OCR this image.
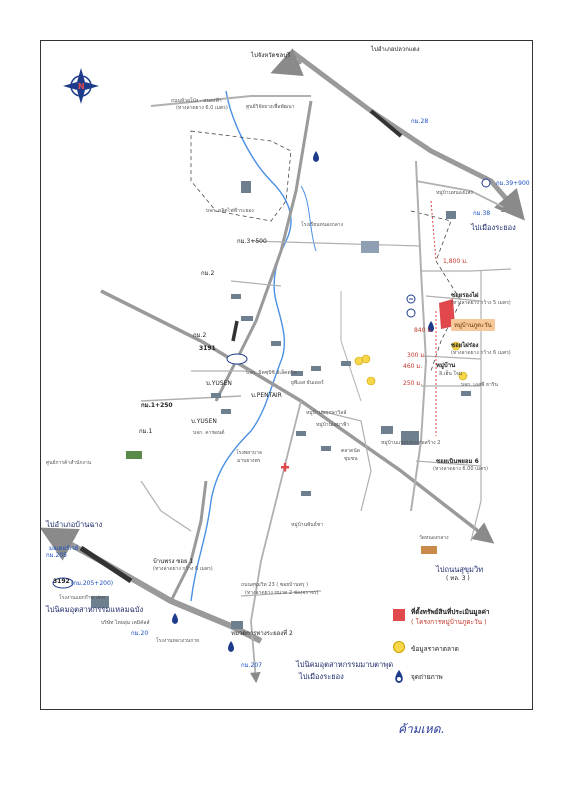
N
ไปจังหวัดชลบุรี
ไปอำเภอปลวกแดง
ถนนห้วยโป่ง - หนองฟ้า
(ทางลาดยาง 6.0 เมตร)	ศูนย์วิจัยยางเพื่อพัฒนา
กม.28
กม.39+900
กม.38
ไปเมืองระยอง
บจก. ผลิตไฟฟ้าระยอง
โรงเรียนหนองกลาง
หมู่บ้านหนองแสง
กม.3+500
1,800 ม.
ซอยรองไผ่
(ทางลาดยาง กว้าง 5 เมตร)
หมู่บ้านภูตะวัน
840 ม.
ซอยไผ่ร่อง
(ทางลาดยาง กว้าง 6 เมตร)
300 ม.
460 ม.
250 ม.
หมู่บ้าน
ลิ.เฮ็น ใจน
บจก. เอสพี ธาริน
หมู่บ้านแหลมทองก่อสร้าง 2
ซอยเนินพยอม 6
(ทางลาดยาง 6.00 เมตร)
กม.2
กม.2
3191
บ.YUSEN
บ.YUSEN
บ.PENTAIR
บจก. มิตซุบิชิ อิเล็คตริค
ยูพีเอส ธันเดอร์
บจก. คาชอนต์
กม.1+250
กม.1
หมู่บ้านพฤกษาวิลล์
หมู่บ้านเสมาฟ้า
หมู่บ้านพันธ์ชา
ตลาดนัด
ชุมชน
โรงพยาบาล
มาบยางพร
ศูนย์การค้าสำนักงาน
วัดหนองกลาง
ไปถนนสุขุมวิท
( ทล. 3 )
ถนนสุขุมวิท 23 ( ซอยบ้านพรุ )
(ทางลาดยาง ขนาด 2 ช่องจราจร)
บ้านพรง ซอย 1
(ทางลาดยาง กว้าง 6 เมตร)
ไปอำเภอบ้านฉาง
มอเตอร์เวย์
(กม.205+200)
กม.205
3192
โรงงานแยกก๊าซ ปตท.
ไปนิคมอุตสาหกรรมแหลมฉบัง
บริษัท ไทยลุ่ม เคมิคัลส์
หมวดการทางระยองที่ 2
โรงงานหลวงวนกาย
กม.20
กม.207	ไปนิคมอุตสาหกรรมมาบตาพุด
ไปเมืองระยอง
ที่ตั้งทรัพย์สินที่ประเมินมูลค่า
( โครงการหมู่บ้านภูตะวัน )
ข้อมูลราคาตลาด
จุดถ่ายภาพ
ค้ามเหด.
